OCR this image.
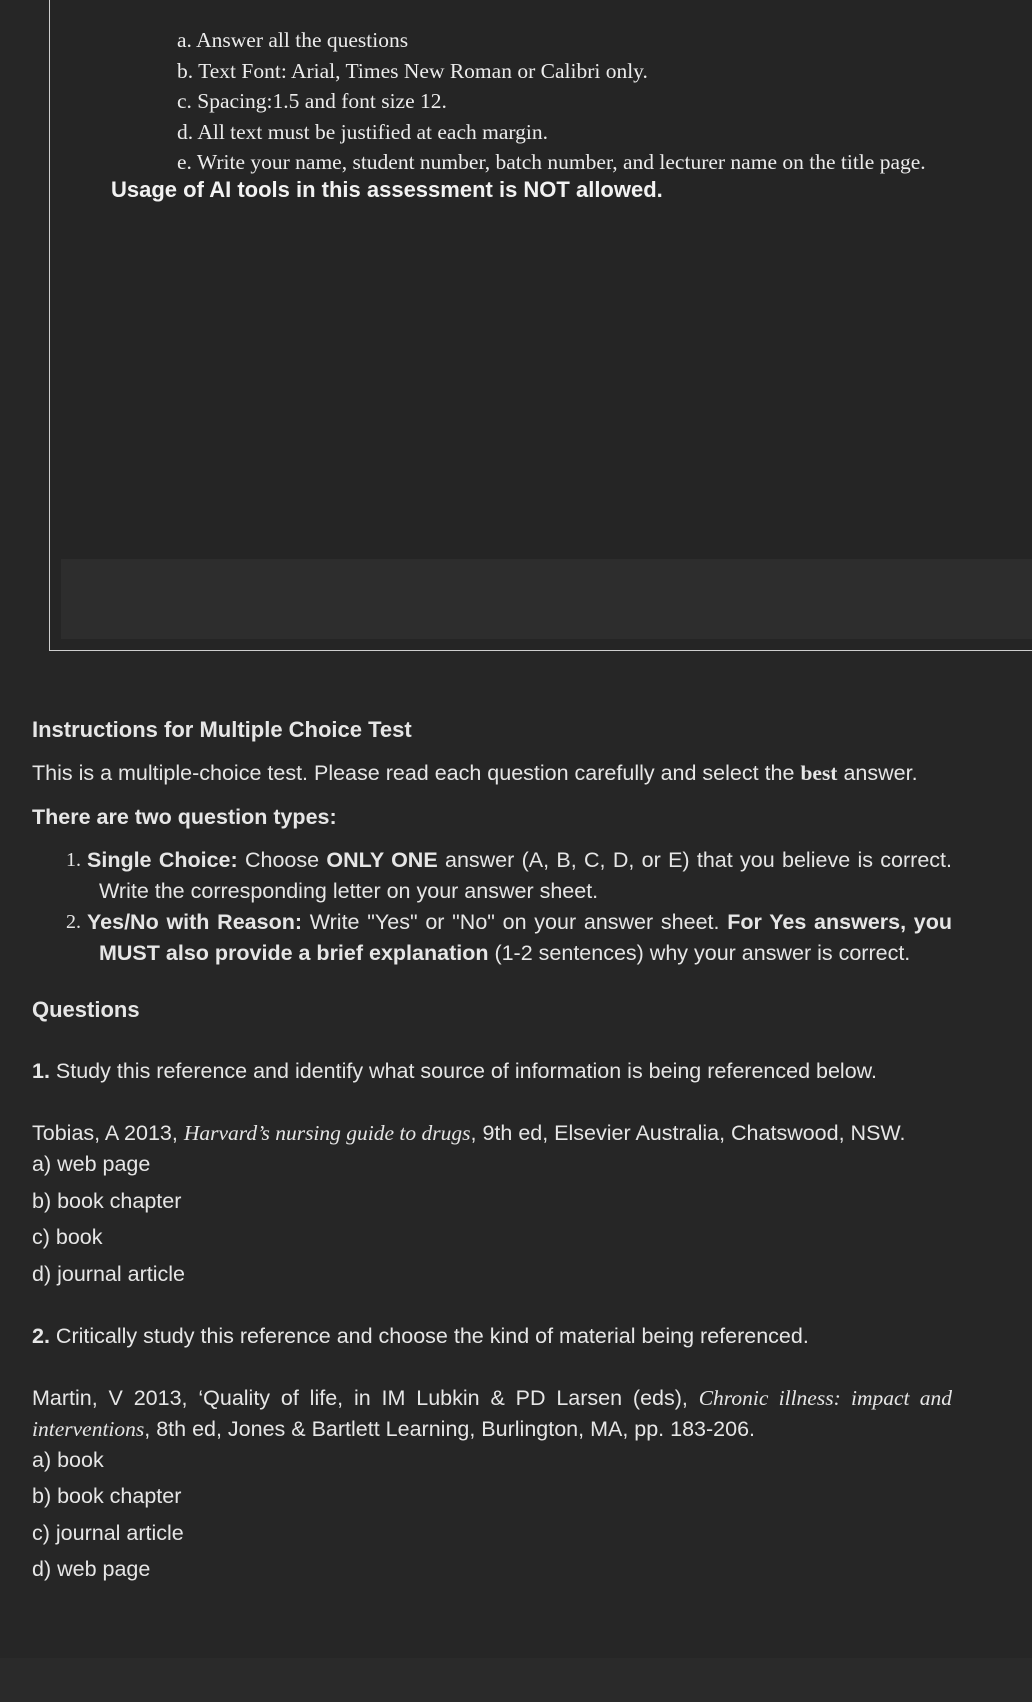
a. Answer all the questions
b. Text Font: Arial, Times New Roman or Calibri only.
c. Spacing:1.5 and font size 12.
d. All text must be justified at each margin.
e. Write your name, student number, batch number, and lecturer name on the title page.
Usage of AI tools in this assessment is NOT allowed.

Instructions for Multiple Choice Test

This is a multiple-choice test. Please read each question carefully and select the best answer.

There are two question types:

1. Single Choice: Choose ONLY ONE answer (A, B, C, D, or E) that you believe is correct. Write the corresponding letter on your answer sheet.
2. Yes/No with Reason: Write "Yes" or "No" on your answer sheet. For Yes answers, you MUST also provide a brief explanation (1-2 sentences) why your answer is correct.

Questions

1. Study this reference and identify what source of information is being referenced below.

Tobias, A 2013, Harvard’s nursing guide to drugs, 9th ed, Elsevier Australia, Chatswood, NSW.

a) web page

b) book chapter

c) book

d) journal article

2. Critically study this reference and choose the kind of material being referenced.

Martin, V 2013, ‘Quality of life, in IM Lubkin & PD Larsen (eds), Chronic illness: impact and interventions, 8th ed, Jones & Bartlett Learning, Burlington, MA, pp. 183-206.

a) book

b) book chapter

c) journal article

d) web page
